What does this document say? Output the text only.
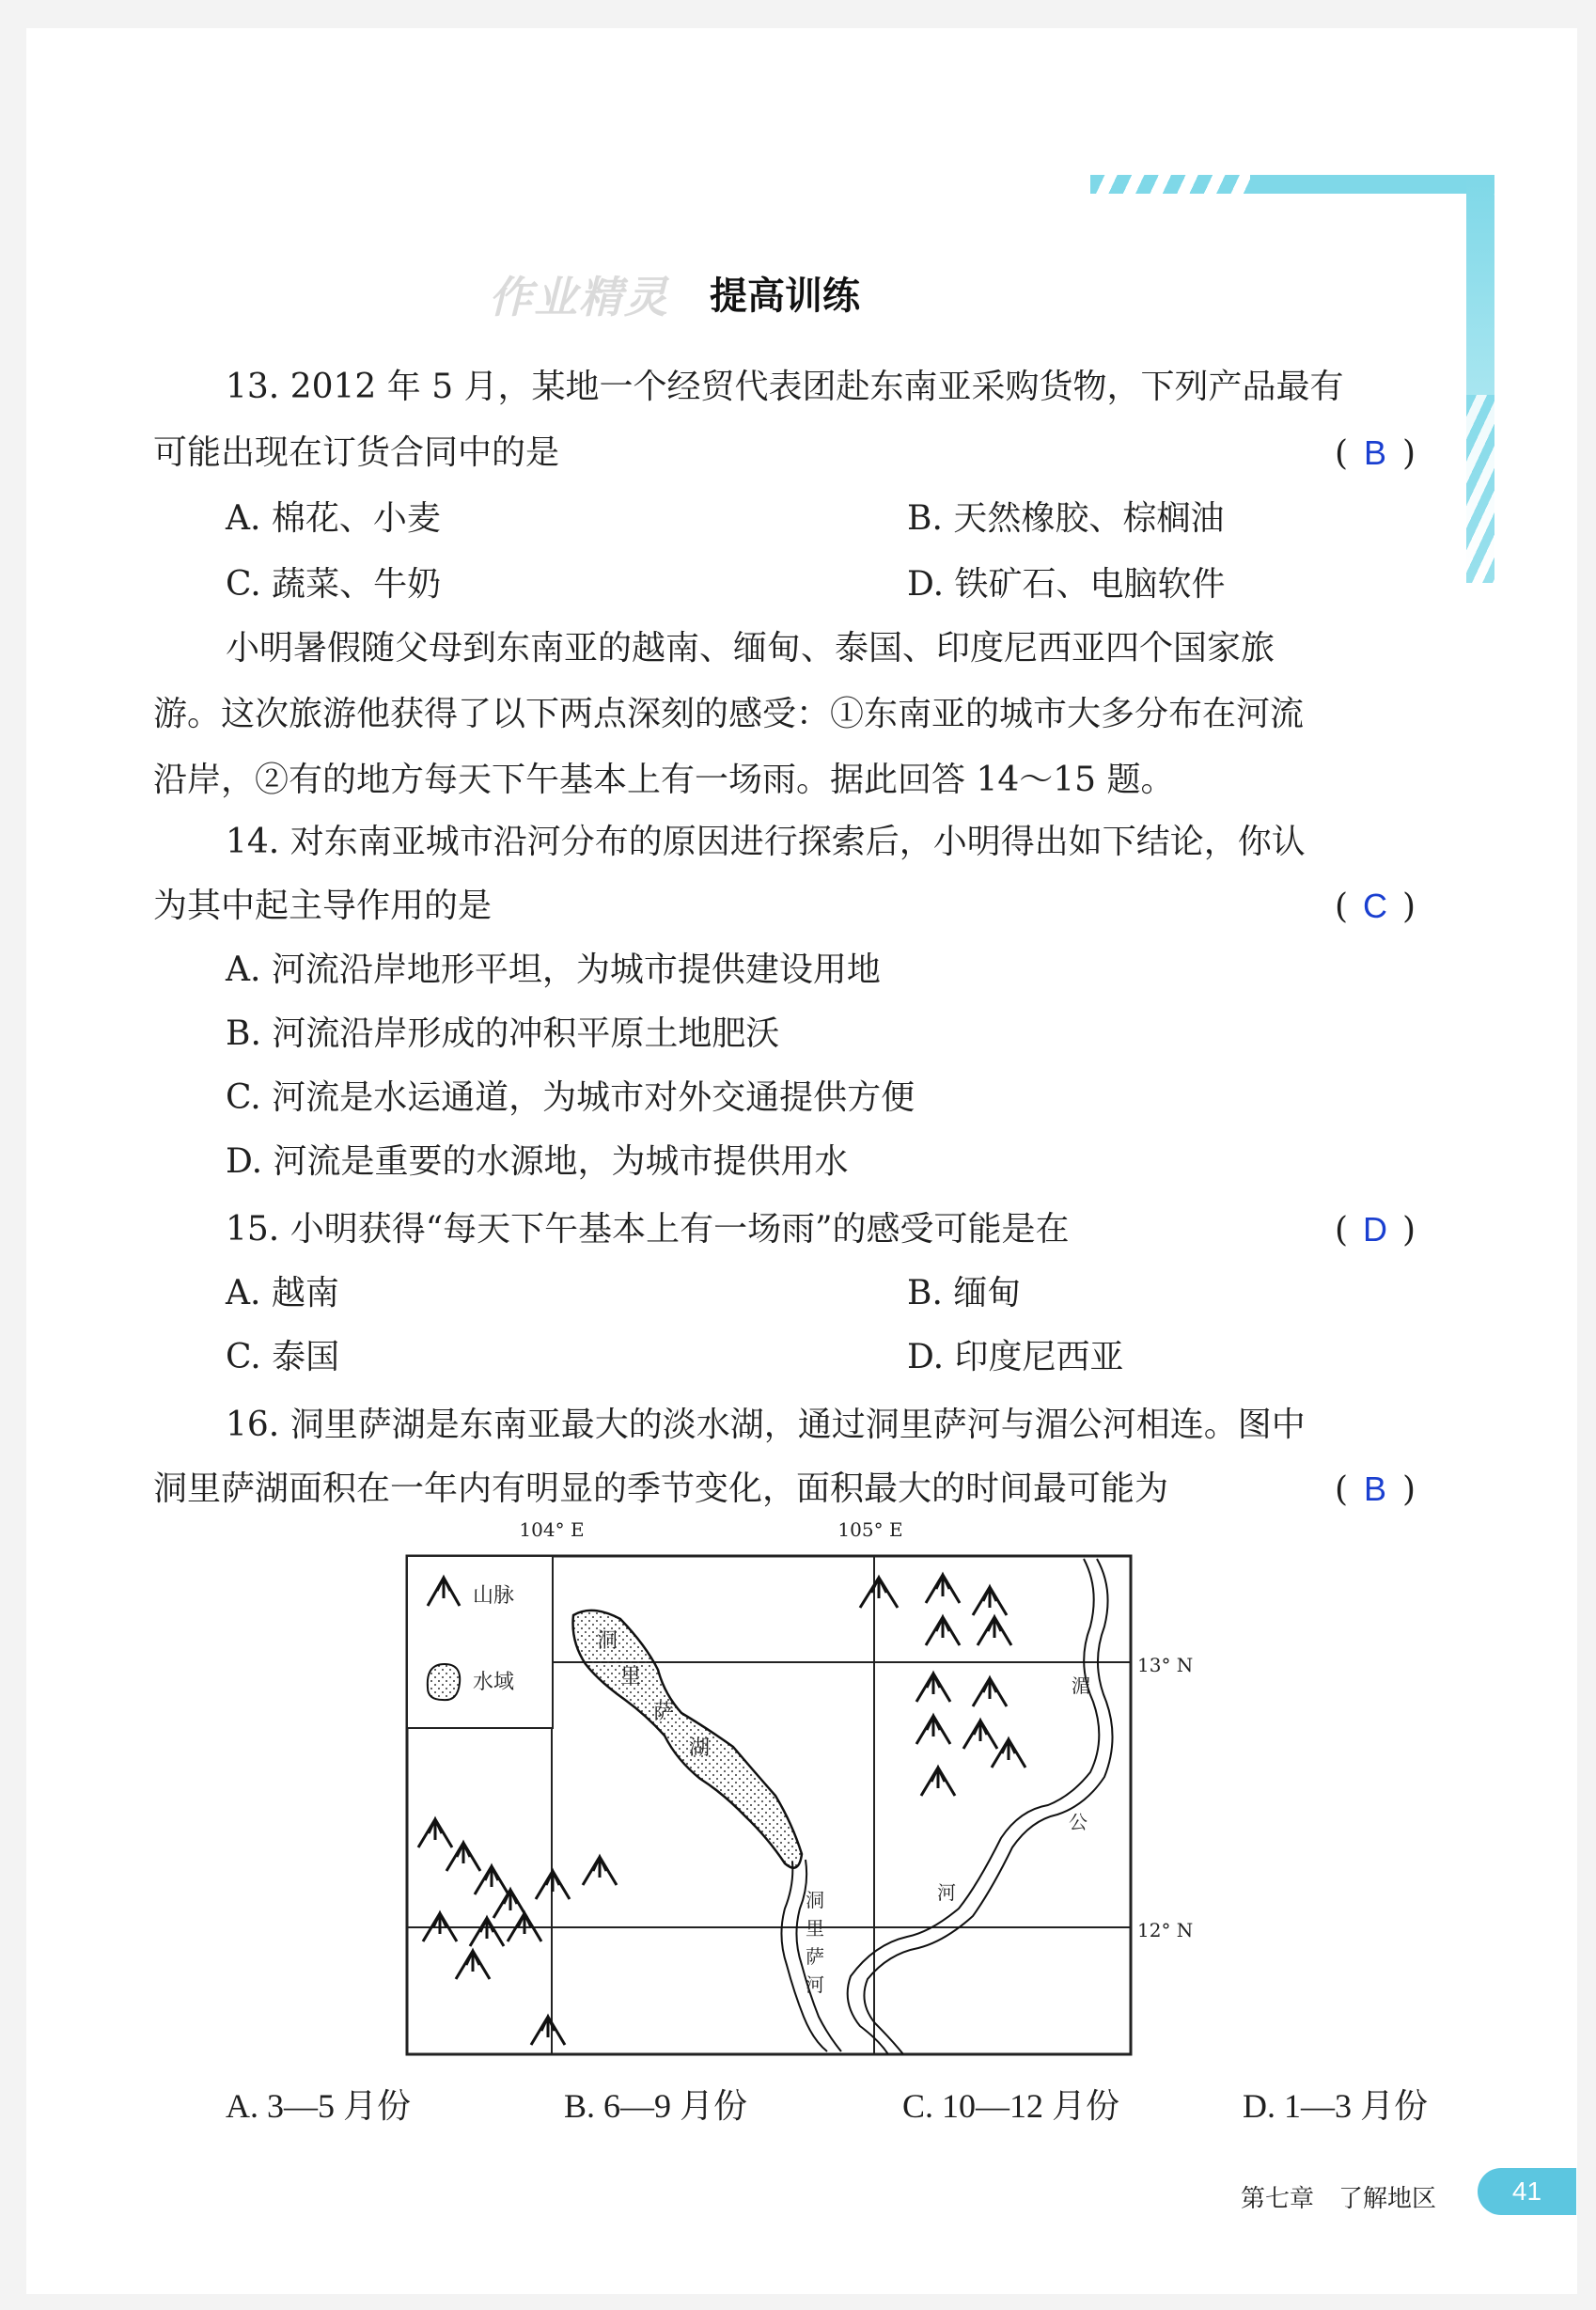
作业精灵 提高训练
13. 2012 年 5 月，某地一个经贸代表团赴东南亚采购货物，下列产品最有
可能出现在订货合同中的是	( B )
A. 棉花、小麦	B. 天然橡胶、棕榈油
C. 蔬菜、牛奶	D. 铁矿石、电脑软件
小明暑假随父母到东南亚的越南、缅甸、泰国、印度尼西亚四个国家旅
游。这次旅游他获得了以下两点深刻的感受：①东南亚的城市大多分布在河流
沿岸，②有的地方每天下午基本上有一场雨。据此回答 14～15 题。
14. 对东南亚城市沿河分布的原因进行探索后，小明得出如下结论，你认
为其中起主导作用的是	( C )
A. 河流沿岸地形平坦，为城市提供建设用地
B. 河流沿岸形成的冲积平原土地肥沃
C. 河流是水运通道，为城市对外交通提供方便
D. 河流是重要的水源地，为城市提供用水
15. 小明获得“每天下午基本上有一场雨”的感受可能是在	( D )
A. 越南	B. 缅甸
C. 泰国	D. 印度尼西亚
16. 洞里萨湖是东南亚最大的淡水湖，通过洞里萨河与湄公河相连。图中
洞里萨湖面积在一年内有明显的季节变化，面积最大的时间最可能为	( B )
104° E	105° E
13° N
12° N
山脉
水域
洞
里
萨
湖
洞
里
萨
河
湄
公
河
A. 3—5 月份	B. 6—9 月份	C. 10—12 月份	D. 1—3 月份
第七章　了解地区	41
